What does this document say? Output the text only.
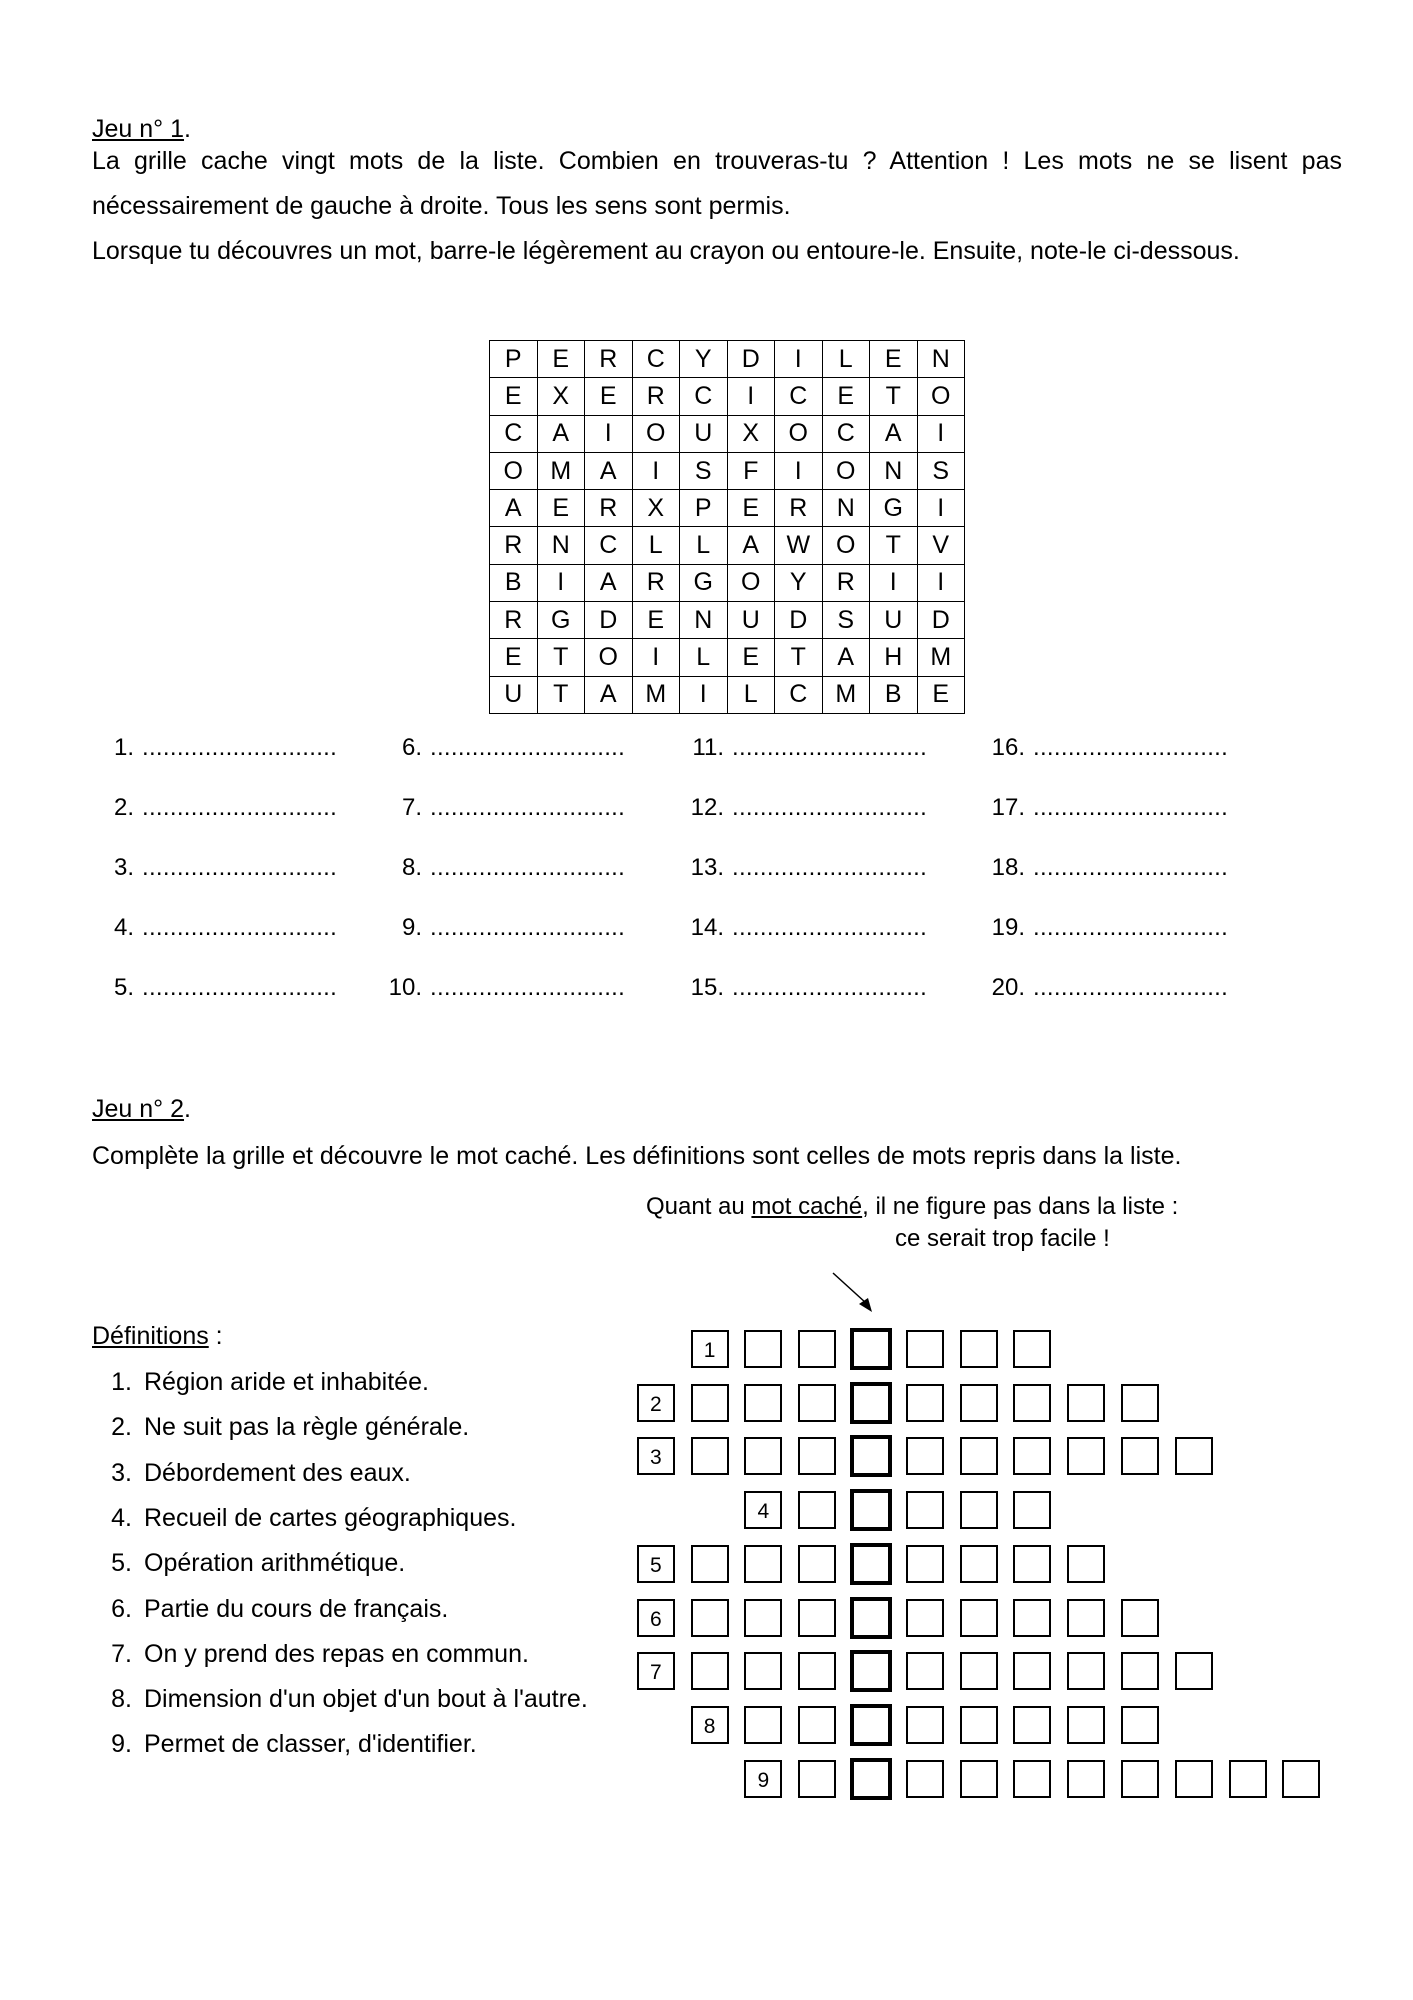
Jeu n° 1.
La grille cache vingt mots de la liste. Combien en trouveras-tu ? Attention ! Les mots ne se lisent pas
nécessairement de gauche à droite. Tous les sens sont permis.
Lorsque tu découvres un mot, barre-le légèrement au crayon ou entoure-le. Ensuite, note-le ci-dessous.
P	E	R	C	Y	D	I	L	E	N
E	X	E	R	C	I	C	E	T	O
C	A	I	O	U	X	O	C	A	I
O	M	A	I	S	F	I	O	N	S
A	E	R	X	P	E	R	N	G	I
R	N	C	L	L	A	W	O	T	V
B	I	A	R	G	O	Y	R	I	I
R	G	D	E	N	U	D	S	U	D
E	T	O	I	L	E	T	A	H	M
U	T	A	M	I	L	C	M	B	E
1. ............................
2. ............................
3. ............................
4. ............................
5. ............................
6. ............................
7. ............................
8. ............................
9. ............................
10. ............................
11. ............................
12. ............................
13. ............................
14. ............................
15. ............................
16. ............................
17. ............................
18. ............................
19. ............................
20. ............................
Jeu n° 2.
Complète la grille et découvre le mot caché. Les définitions sont celles de mots repris dans la liste.
Quant au mot caché, il ne figure pas dans la liste :
ce serait trop facile !
Définitions :
1. Région aride et inhabitée.
2. Ne suit pas la règle générale.
3. Débordement des eaux.
4. Recueil de cartes géographiques.
5. Opération arithmétique.
6. Partie du cours de français.
7. On y prend des repas en commun.
8. Dimension d'un objet d'un bout à l'autre.
9. Permet de classer, d'identifier.
1
2
3
4
5
6
7
8
9
